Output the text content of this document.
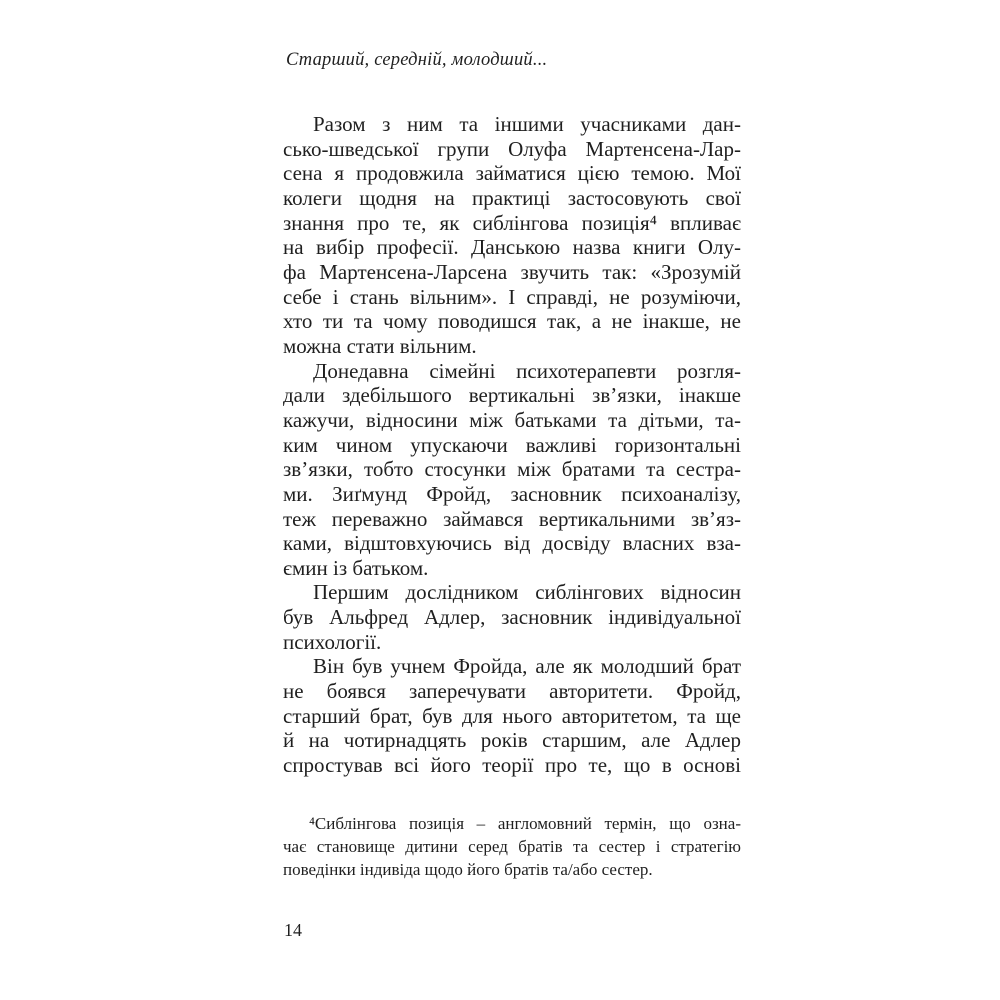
Старший, середній, молодший...
Разом з ним та іншими учасниками дан-
сько-шведської групи Олуфа Мартенсена-Лар-
сена я продовжила займатися цією темою. Мої
колеги щодня на практиці застосовують свої
знання про те, як сиблінгова позиція⁴ впливає
на вибір професії. Данською назва книги Олу-
фа Мартенсена-Ларсена звучить так: «Зрозумій
себе і стань вільним». І справді, не розуміючи,
хто ти та чому поводишся так, а не інакше, не
можна стати вільним.
Донедавна сімейні психотерапевти розгля-
дали здебільшого вертикальні зв’язки, інакше
кажучи, відносини між батьками та дітьми, та-
ким чином упускаючи важливі горизонтальні
зв’язки, тобто стосунки між братами та сестра-
ми. Зиґмунд Фройд, засновник психоаналізу,
теж переважно займався вертикальними зв’яз-
ками, відштовхуючись від досвіду власних вза-
ємин із батьком.
Першим дослідником сиблінгових відносин
був Альфред Адлер, засновник індивідуальної
психології.
Він був учнем Фройда, але як молодший брат
не боявся заперечувати авторитети. Фройд,
старший брат, був для нього авторитетом, та ще
й на чотирнадцять років старшим, але Адлер
спростував всі його теорії про те, що в основі
⁴Сиблінгова позиція – англомовний термін, що озна-
чає становище дитини серед братів та сестер і стратегію
поведінки індивіда щодо його братів та/або сестер.
14
